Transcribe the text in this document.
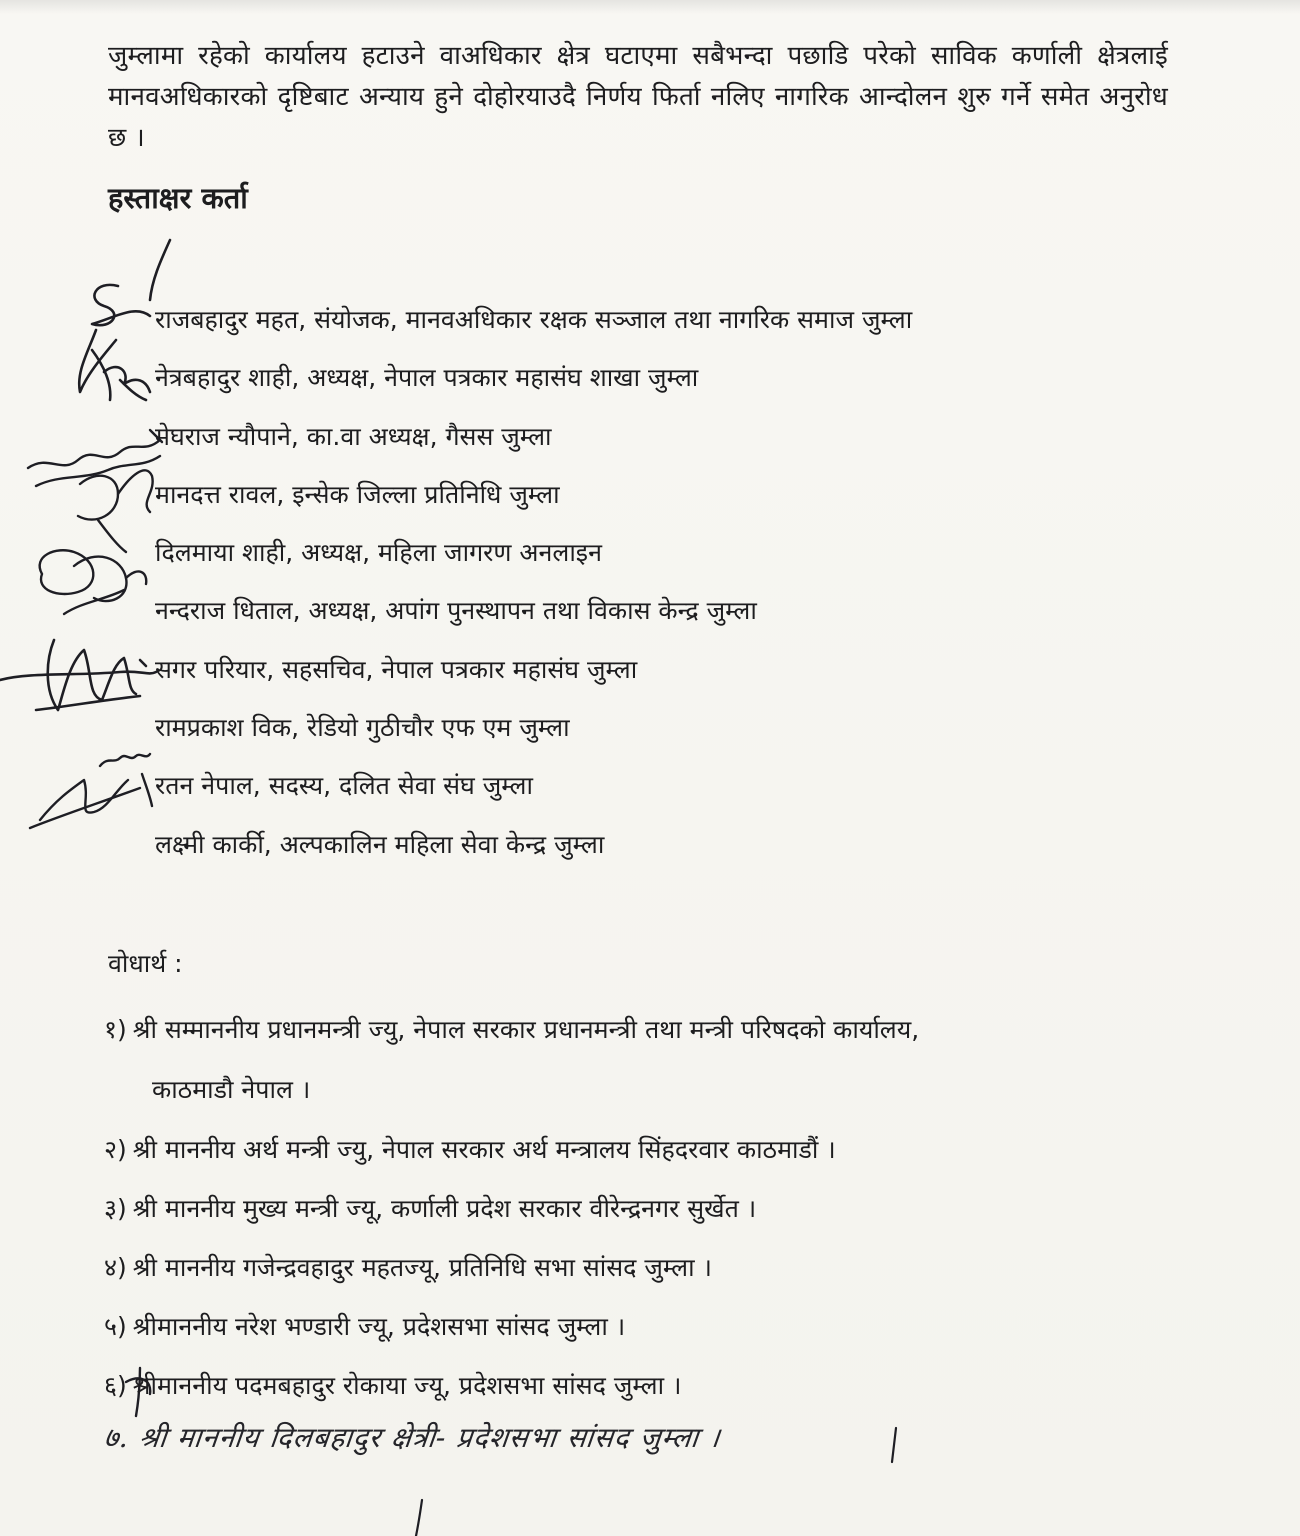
जुम्लामा रहेको कार्यालय हटाउने वाअधिकार क्षेत्र घटाएमा सबैभन्दा पछाडि परेको साविक कर्णाली क्षेत्रलाई मानवअधिकारको दृष्टिबाट अन्याय हुने दोहोरयाउदै निर्णय फिर्ता नलिए नागरिक आन्दोलन शुरु गर्ने समेत अनुरोध छ ।

हस्ताक्षर कर्ता
राजबहादुर महत, संयोजक, मानवअधिकार रक्षक सञ्जाल तथा नागरिक समाज जुम्ला
नेत्रबहादुर शाही, अध्यक्ष, नेपाल पत्रकार महासंघ शाखा जुम्ला
मेघराज न्यौपाने, का.वा अध्यक्ष, गैसस जुम्ला
मानदत्त रावल, इन्सेक जिल्ला प्रतिनिधि जुम्ला
दिलमाया शाही, अध्यक्ष, महिला जागरण अनलाइन
नन्दराज धिताल, अध्यक्ष, अपांग पुनस्थापन तथा विकास केन्द्र जुम्ला
सगर परियार, सहसचिव, नेपाल पत्रकार महासंघ जुम्ला
रामप्रकाश विक, रेडियो गुठीचौर एफ एम जुम्ला
रतन नेपाल, सदस्य, दलित सेवा संघ जुम्ला
लक्ष्मी कार्की, अल्पकालिन महिला सेवा केन्द्र जुम्ला
वोधार्थ :
१) श्री सम्माननीय प्रधानमन्त्री ज्यु, नेपाल सरकार प्रधानमन्त्री तथा मन्त्री परिषदको कार्यालय,
काठमाडौ नेपाल ।
२) श्री माननीय अर्थ मन्त्री ज्यु, नेपाल सरकार अर्थ मन्त्रालय सिंहदरवार काठमाडौं ।
३) श्री माननीय मुख्य मन्त्री ज्यू, कर्णाली प्रदेश सरकार वीरेन्द्रनगर सुर्खेत ।
४) श्री माननीय गजेन्द्रवहादुर महतज्यू, प्रतिनिधि सभा सांसद जुम्ला ।
५) श्रीमाननीय नरेश भण्डारी ज्यू, प्रदेशसभा सांसद जुम्ला ।
६) श्रीमाननीय पदमबहादुर रोकाया ज्यू, प्रदेशसभा सांसद जुम्ला ।
७. श्री माननीय दिलबहादुर क्षेत्री- प्रदेशसभा सांसद जुम्ला ।
